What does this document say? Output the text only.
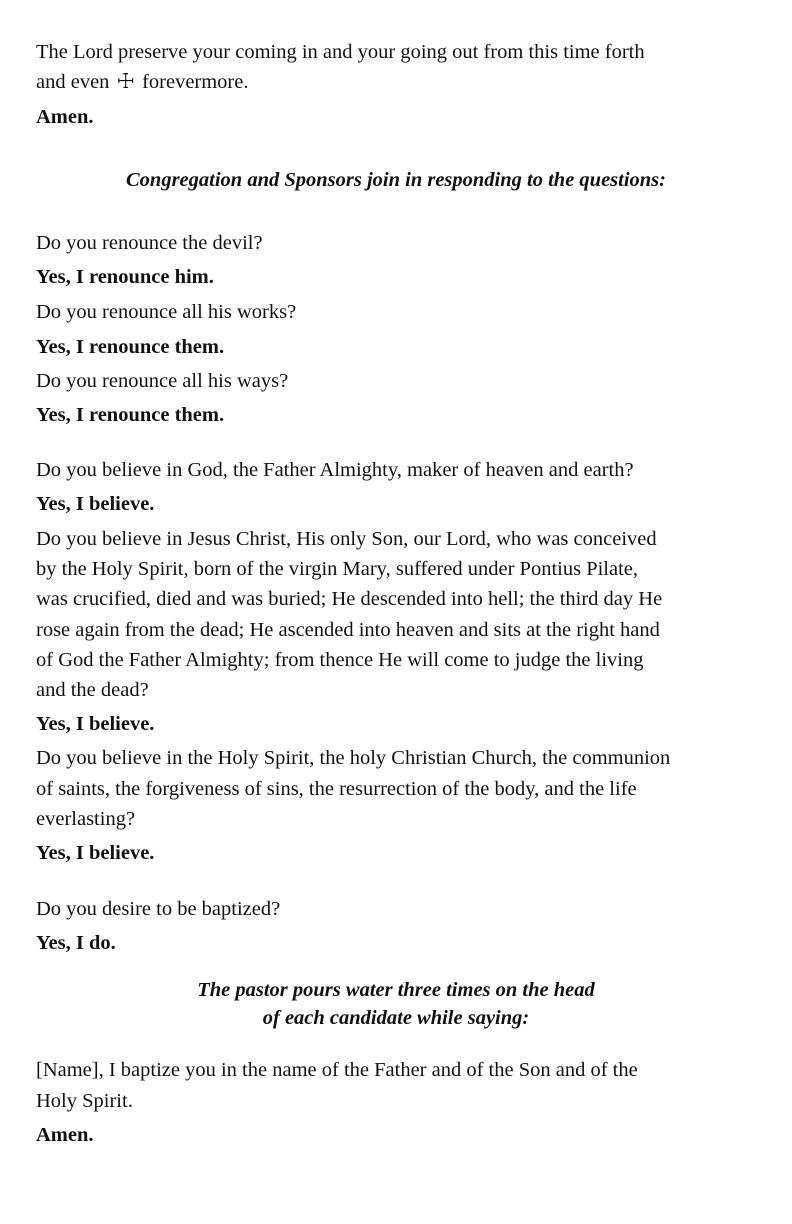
The Lord preserve your coming in and your going out from this time forth
and even ☩ forevermore.
Amen.
Congregation and Sponsors join in responding to the questions:
Do you renounce the devil?
Yes, I renounce him.
Do you renounce all his works?
Yes, I renounce them.
Do you renounce all his ways?
Yes, I renounce them.
Do you believe in God, the Father Almighty, maker of heaven and earth?
Yes, I believe.
Do you believe in Jesus Christ, His only Son, our Lord, who was conceived
by the Holy Spirit, born of the virgin Mary, suffered under Pontius Pilate,
was crucified, died and was buried; He descended into hell; the third day He
rose again from the dead; He ascended into heaven and sits at the right hand
of God the Father Almighty; from thence He will come to judge the living
and the dead?
Yes, I believe.
Do you believe in the Holy Spirit, the holy Christian Church, the communion
of saints, the forgiveness of sins, the resurrection of the body, and the life
everlasting?
Yes, I believe.
Do you desire to be baptized?
Yes, I do.
The pastor pours water three times on the head
of each candidate while saying:
[Name], I baptize you in the name of the Father and of the Son and of the
Holy Spirit.
Amen.
